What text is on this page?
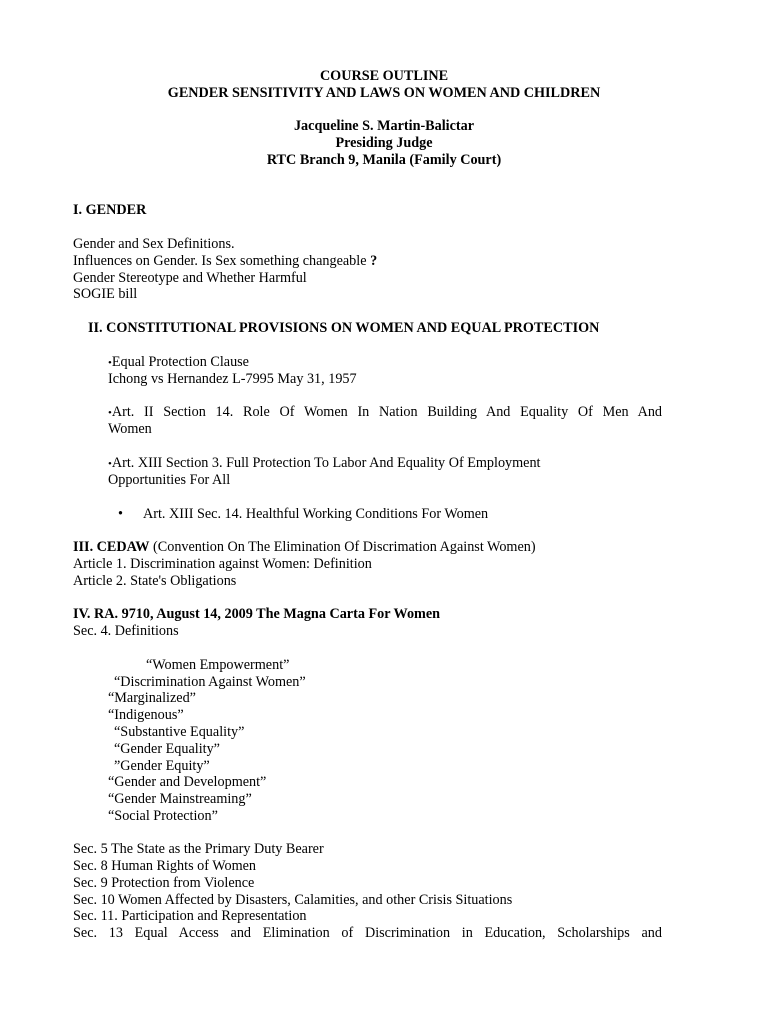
COURSE OUTLINE
GENDER SENSITIVITY AND LAWS ON WOMEN AND CHILDREN
Jacqueline S. Martin-Balictar
Presiding Judge
RTC Branch 9, Manila (Family Court)
I. GENDER
Gender and Sex Definitions.
Influences on Gender. Is Sex something changeable ?
Gender Stereotype and Whether Harmful
SOGIE bill
II. CONSTITUTIONAL PROVISIONS ON WOMEN AND EQUAL PROTECTION
•Equal Protection Clause
Ichong vs Hernandez L-7995 May 31, 1957
•Art. II Section 14. Role Of Women In Nation Building And Equality Of Men And
Women
•Art. XIII Section 3. Full Protection To Labor And Equality Of Employment
Opportunities For All
• Art. XIII Sec. 14. Healthful Working Conditions For Women
III. CEDAW (Convention On The Elimination Of Discrimation Against Women)
Article 1. Discrimination against Women: Definition
Article 2. State's Obligations
IV. RA. 9710, August 14, 2009 The Magna Carta For Women
Sec. 4. Definitions
“Women Empowerment”
“Discrimination Against Women”
“Marginalized”
“Indigenous”
“Substantive Equality”
“Gender Equality”
”Gender Equity”
“Gender and Development”
“Gender Mainstreaming”
“Social Protection”
Sec. 5 The State as the Primary Duty Bearer
Sec. 8 Human Rights of Women
Sec. 9 Protection from Violence
Sec. 10 Women Affected by Disasters, Calamities, and other Crisis Situations
Sec. 11. Participation and Representation
Sec. 13 Equal Access and Elimination of Discrimination in Education, Scholarships and
